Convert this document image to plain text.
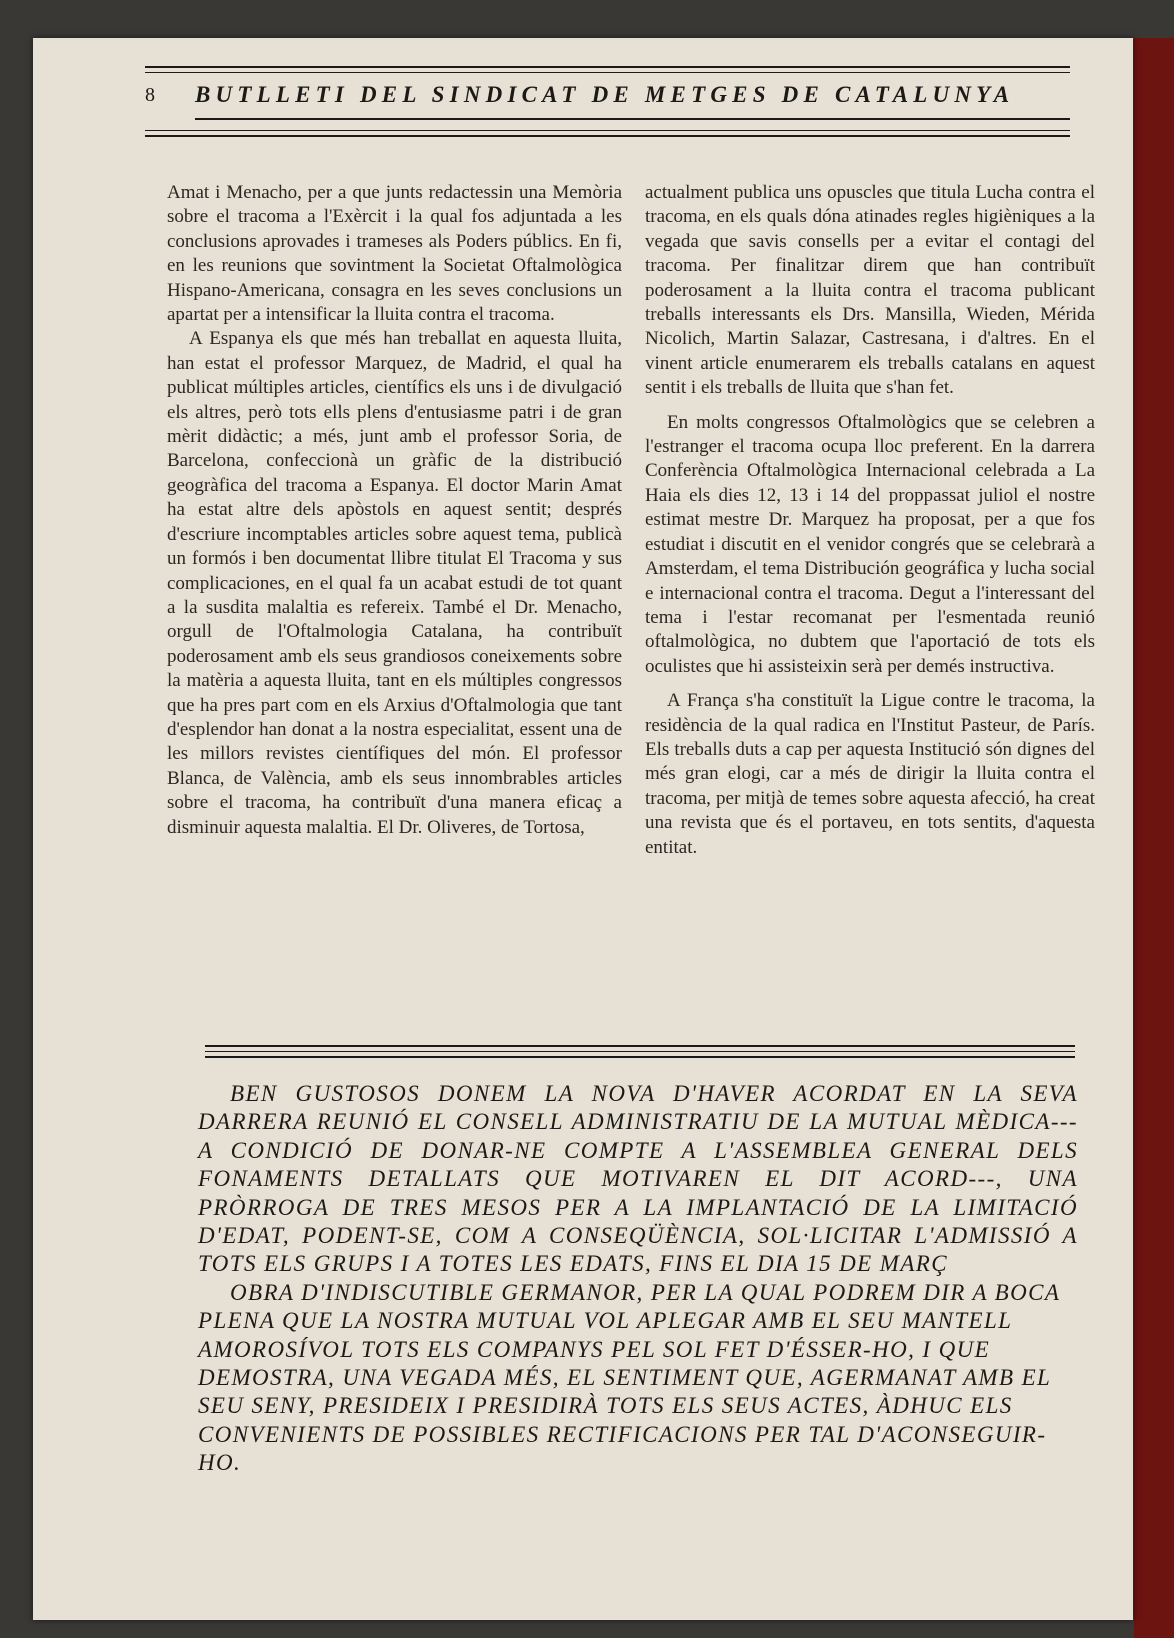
8 BUTLLETI DEL SINDICAT DE METGES DE CATALUNYA

Amat i Menacho, per a que junts redactessin una Memòria sobre el tracoma a l'Exèrcit i la qual fos adjuntada a les conclusions aprovades i trameses als Poders públics. En fi, en les reunions que sovintment la Societat Oftalmològica Hispano-Americana, consagra en les seves conclusions un apartat per a intensificar la lluita contra el tracoma.

A Espanya els que més han treballat en aquesta lluita, han estat el professor Marquez, de Madrid, el qual ha publicat múltiples articles, científics els uns i de divulgació els altres, però tots ells plens d'entusiasme patri i de gran mèrit didàctic; a més, junt amb el professor Soria, de Barcelona, confeccionà un gràfic de la distribució geogràfica del tracoma a Espanya. El doctor Marin Amat ha estat altre dels apòstols en aquest sentit; després d'escriure incomptables articles sobre aquest tema, publicà un formós i ben documentat llibre titulat El Tracoma y sus complicaciones, en el qual fa un acabat estudi de tot quant a la susdita malaltia es refereix. També el Dr. Menacho, orgull de l'Oftalmologia Catalana, ha contribuït poderosament amb els seus grandiosos coneixements sobre la matèria a aquesta lluita, tant en els múltiples congressos que ha pres part com en els Arxius d'Oftalmologia que tant d'esplendor han donat a la nostra especialitat, essent una de les millors revistes científiques del món. El professor Blanca, de València, amb els seus innombrables articles sobre el tracoma, ha contribuït d'una manera eficaç a disminuir aquesta malaltia. El Dr. Oliveres, de Tortosa,

actualment publica uns opuscles que titula Lucha contra el tracoma, en els quals dóna atinades regles higièniques a la vegada que savis consells per a evitar el contagi del tracoma. Per finalitzar direm que han contribuït poderosament a la lluita contra el tracoma publicant treballs interessants els Drs. Mansilla, Wieden, Mérida Nicolich, Martin Salazar, Castresana, i d'altres. En el vinent article enumerarem els treballs catalans en aquest sentit i els treballs de lluita que s'han fet.

En molts congressos Oftalmològics que se celebren a l'estranger el tracoma ocupa lloc preferent. En la darrera Conferència Oftalmològica Internacional celebrada a La Haia els dies 12, 13 i 14 del proppassat juliol el nostre estimat mestre Dr. Marquez ha proposat, per a que fos estudiat i discutit en el venidor congrés que se celebrarà a Amsterdam, el tema Distribución geográfica y lucha social e internacional contra el tracoma. Degut a l'interessant del tema i l'estar recomanat per l'esmentada reunió oftalmològica, no dubtem que l'aportació de tots els oculistes que hi assisteixin serà per demés instructiva.

A França s'ha constituït la Ligue contre le tracoma, la residència de la qual radica en l'Institut Pasteur, de París. Els treballs duts a cap per aquesta Institució són dignes del més gran elogi, car a més de dirigir la lluita contra el tracoma, per mitjà de temes sobre aquesta afecció, ha creat una revista que és el portaveu, en tots sentits, d'aquesta entitat.

BEN GUSTOSOS DONEM LA NOVA D'HAVER ACORDAT EN LA SEVA DARRERA REUNIÓ EL CONSELL ADMINISTRATIU DE LA MUTUAL MÈDICA---A CONDICIÓ DE DONAR-NE COMPTE A L'ASSEMBLEA GENERAL DELS FONAMENTS DETALLATS QUE MOTIVAREN EL DIT ACORD---, UNA PRÒRROGA DE TRES MESOS PER A LA IMPLANTACIÓ DE LA LIMITACIÓ D'EDAT, PODENT-SE, COM A CONSEQÜÈNCIA, SOL·LICITAR L'ADMISSIÓ A TOTS ELS GRUPS I A TOTES LES EDATS, FINS EL DIA 15 DE MARÇ

OBRA D'INDISCUTIBLE GERMANOR, PER LA QUAL PODREM DIR A BOCA PLENA QUE LA NOSTRA MUTUAL VOL APLEGAR AMB EL SEU MANTELL AMOROSÍVOL TOTS ELS COMPANYS PEL SOL FET D'ÉSSER-HO, I QUE DEMOSTRA, UNA VEGADA MÉS, EL SENTIMENT QUE, AGERMANAT AMB EL SEU SENY, PRESIDEIX I PRESIDIRÀ TOTS ELS SEUS ACTES, ÀDHUC ELS CONVENIENTS DE POSSIBLES RECTIFICACIONS PER TAL D'ACONSEGUIR-HO.
